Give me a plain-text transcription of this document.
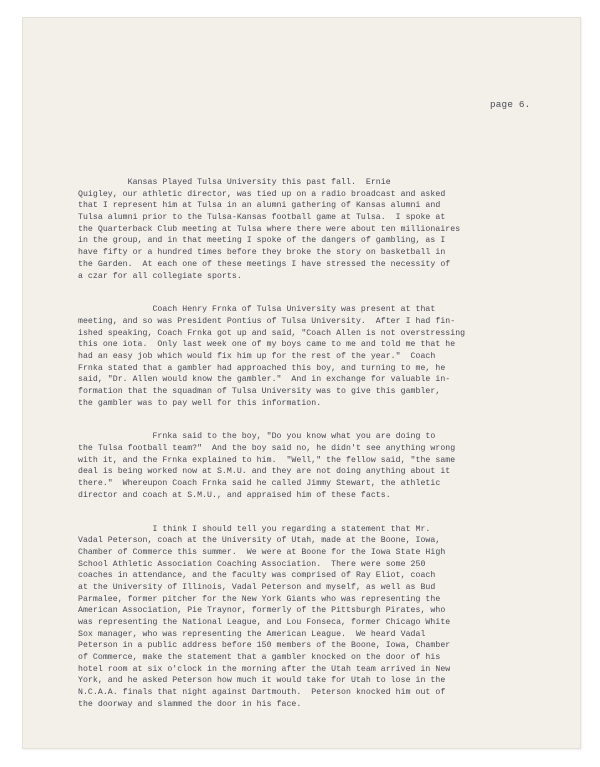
page 6.
Kansas Played Tulsa University this past fall.  Ernie
Quigley, our athletic director, was tied up on a radio broadcast and asked
that I represent him at Tulsa in an alumni gathering of Kansas alumni and
Tulsa alumni prior to the Tulsa-Kansas football game at Tulsa.  I spoke at
the Quarterback Club meeting at Tulsa where there were about ten millionaires
in the group, and in that meeting I spoke of the dangers of gambling, as I
have fifty or a hundred times before they broke the story on basketball in
the Garden.  At each one of these meetings I have stressed the necessity of
a czar for all collegiate sports.
Coach Henry Frnka of Tulsa University was present at that
meeting, and so was President Pontius of Tulsa University.  After I had fin-
ished speaking, Coach Frnka got up and said, "Coach Allen is not overstressing
this one iota.  Only last week one of my boys came to me and told me that he
had an easy job which would fix him up for the rest of the year."  Coach
Frnka stated that a gambler had approached this boy, and turning to me, he
said, "Dr. Allen would know the gambler."  And in exchange for valuable in-
formation that the squadman of Tulsa University was to give this gambler,
the gambler was to pay well for this information.
Frnka said to the boy, "Do you know what you are doing to
the Tulsa football team?"  And the boy said no, he didn't see anything wrong
with it, and the Frnka explained to him.  "Well," the fellow said, "the same
deal is being worked now at S.M.U. and they are not doing anything about it
there."  Whereupon Coach Frnka said he called Jimmy Stewart, the athletic
director and coach at S.M.U., and appraised him of these facts.
I think I should tell you regarding a statement that Mr.
Vadal Peterson, coach at the University of Utah, made at the Boone, Iowa,
Chamber of Commerce this summer.  We were at Boone for the Iowa State High
School Athletic Association Coaching Association.  There were some 250
coaches in attendance, and the faculty was comprised of Ray Eliot, coach
at the University of Illinois, Vadal Peterson and myself, as well as Bud
Parmalee, former pitcher for the New York Giants who was representing the
American Association, Pie Traynor, formerly of the Pittsburgh Pirates, who
was representing the National League, and Lou Fonseca, former Chicago White
Sox manager, who was representing the American League.  We heard Vadal
Peterson in a public address before 150 members of the Boone, Iowa, Chamber
of Commerce, make the statement that a gambler knocked on the door of his
hotel room at six o'clock in the morning after the Utah team arrived in New
York, and he asked Peterson how much it would take for Utah to lose in the
N.C.A.A. finals that night against Dartmouth.  Peterson knocked him out of
the doorway and slammed the door in his face.
